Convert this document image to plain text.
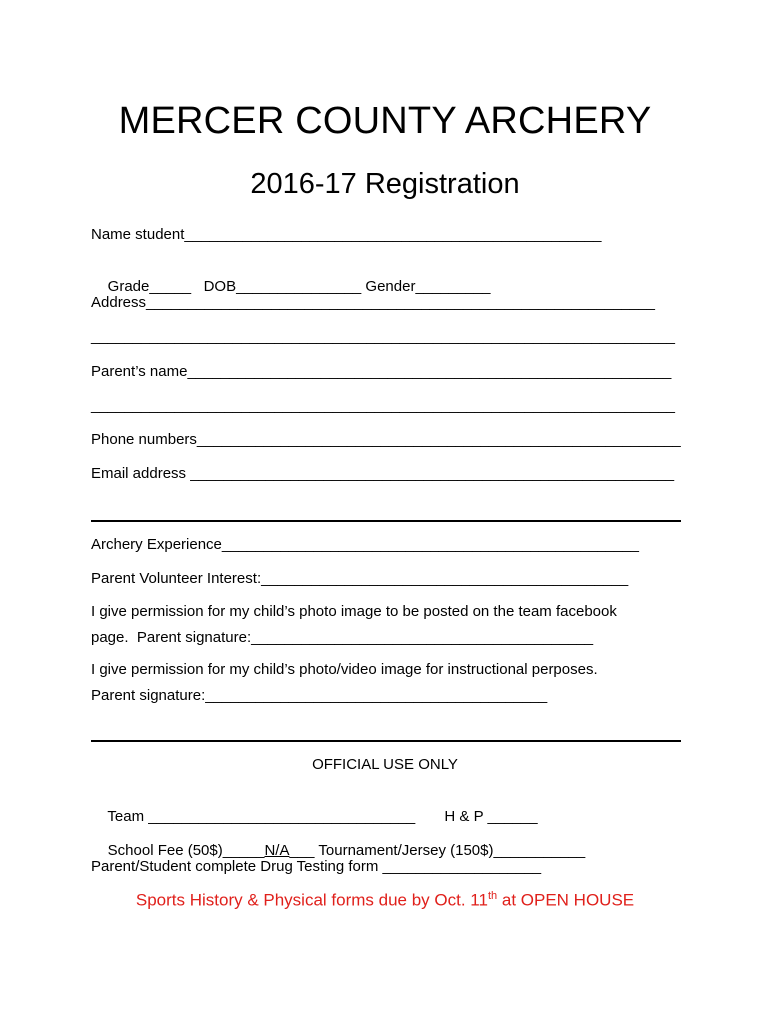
MERCER COUNTY ARCHERY
2016-17 Registration
Name student__________________________________________________

Grade_____ DOB_______________ Gender_________

Address_____________________________________________________________
______________________________________________________________________
Parent’s name__________________________________________________________
______________________________________________________________________
Phone numbers__________________________________________________________
Email address __________________________________________________________
Archery Experience__________________________________________________
Parent Volunteer Interest:____________________________________________
I give permission for my child’s photo image to be posted on the team facebook
page.  Parent signature:_________________________________________
I give permission for my child’s photo/video image for instructional perposes.
Parent signature:_________________________________________
OFFICIAL USE ONLY

Team ________________________________ H & P ______

School Fee (50$)_____N/A___ Tournament/Jersey (150$)___________

Parent/Student complete Drug Testing form ___________________
Sports History & Physical forms due by Oct. 11th at OPEN HOUSE
